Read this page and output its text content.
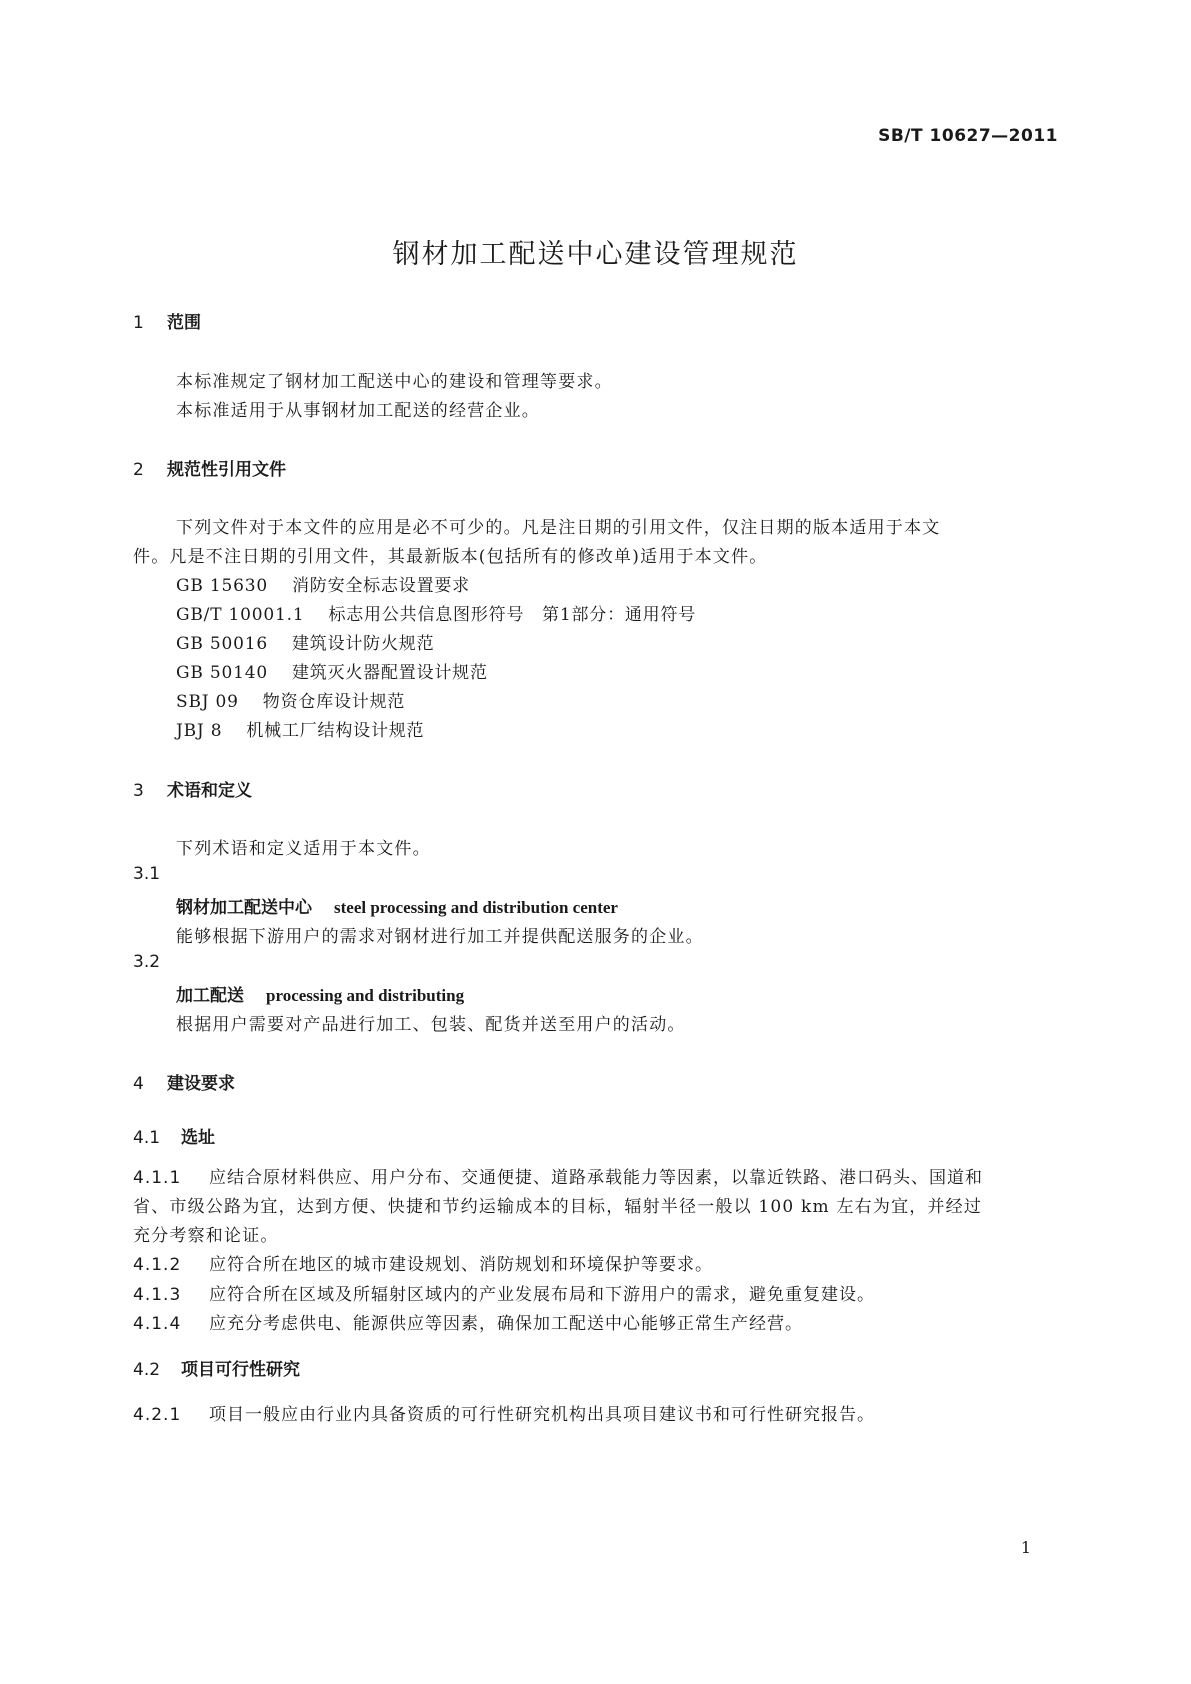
SB/T 10627—2011
钢材加工配送中心建设管理规范
1 范围
本标准规定了钢材加工配送中心的建设和管理等要求。
本标准适用于从事钢材加工配送的经营企业。
2 规范性引用文件
下列文件对于本文件的应用是必不可少的。凡是注日期的引用文件，仅注日期的版本适用于本文
件。凡是不注日期的引用文件，其最新版本(包括所有的修改单)适用于本文件。
GB 15630 消防安全标志设置要求
GB/T 10001.1 标志用公共信息图形符号　第1部分：通用符号
GB 50016 建筑设计防火规范
GB 50140 建筑灭火器配置设计规范
SBJ 09 物资仓库设计规范
JBJ 8 机械工厂结构设计规范
3 术语和定义
下列术语和定义适用于本文件。
3.1
钢材加工配送中心 steel processing and distribution center
能够根据下游用户的需求对钢材进行加工并提供配送服务的企业。
3.2
加工配送 processing and distributing
根据用户需要对产品进行加工、包装、配货并送至用户的活动。
4 建设要求
4.1 选址
4.1.1 应结合原材料供应、用户分布、交通便捷、道路承载能力等因素，以靠近铁路、港口码头、国道和
省、市级公路为宜，达到方便、快捷和节约运输成本的目标，辐射半径一般以 100 km 左右为宜，并经过
充分考察和论证。
4.1.2 应符合所在地区的城市建设规划、消防规划和环境保护等要求。
4.1.3 应符合所在区域及所辐射区域内的产业发展布局和下游用户的需求，避免重复建设。
4.1.4 应充分考虑供电、能源供应等因素，确保加工配送中心能够正常生产经营。
4.2 项目可行性研究
4.2.1 项目一般应由行业内具备资质的可行性研究机构出具项目建议书和可行性研究报告。
1
